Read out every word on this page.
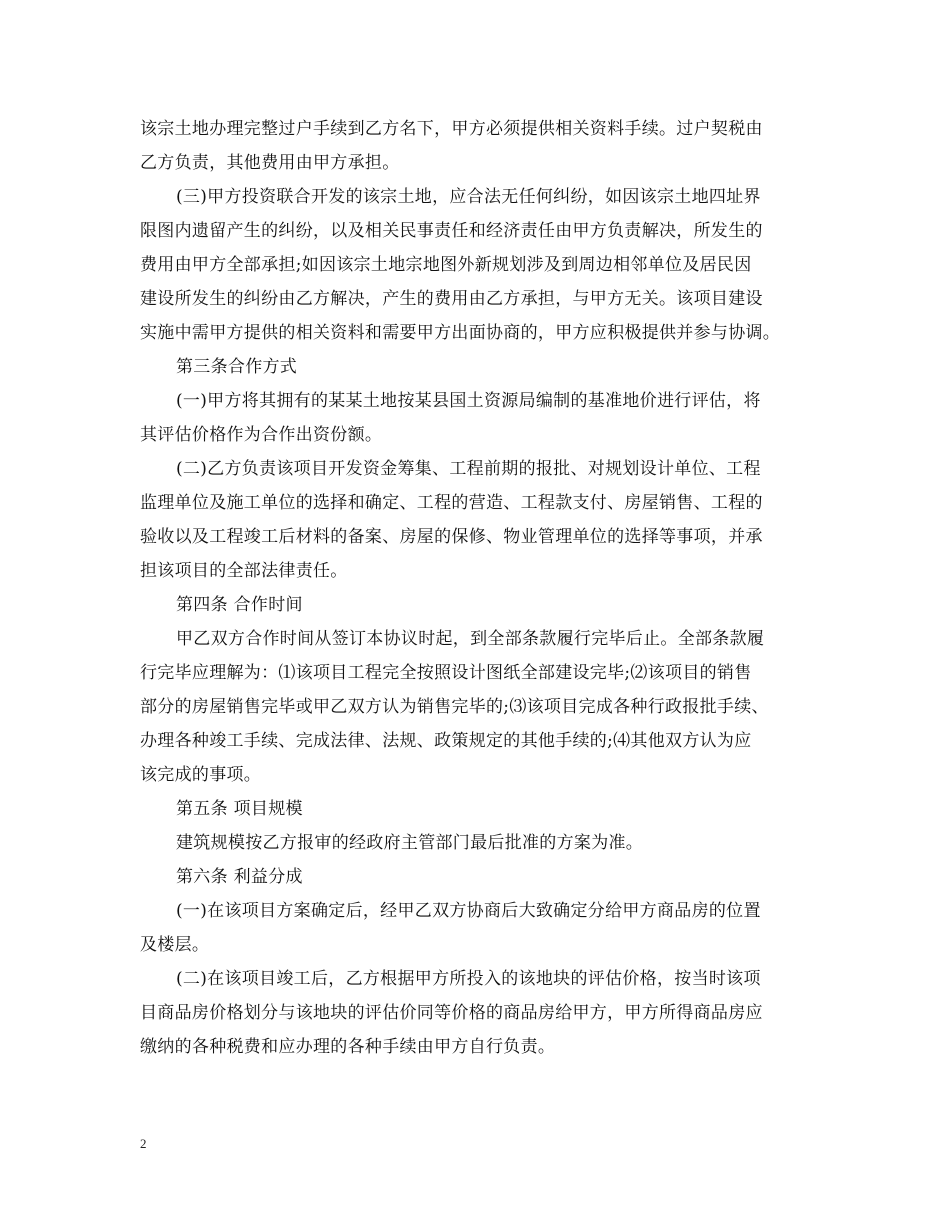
该宗土地办理完整过户手续到乙方名下，甲方必须提供相关资料手续。过户契税由
乙方负责，其他费用由甲方承担。
(三)甲方投资联合开发的该宗土地，应合法无任何纠纷，如因该宗土地四址界
限图内遗留产生的纠纷，以及相关民事责任和经济责任由甲方负责解决，所发生的
费用由甲方全部承担;如因该宗土地宗地图外新规划涉及到周边相邻单位及居民因
建设所发生的纠纷由乙方解决，产生的费用由乙方承担，与甲方无关。该项目建设
实施中需甲方提供的相关资料和需要甲方出面协商的，甲方应积极提供并参与协调。
第三条合作方式
(一)甲方将其拥有的某某土地按某县国土资源局编制的基准地价进行评估，将
其评估价格作为合作出资份额。
(二)乙方负责该项目开发资金筹集、工程前期的报批、对规划设计单位、工程
监理单位及施工单位的选择和确定、工程的营造、工程款支付、房屋销售、工程的
验收以及工程竣工后材料的备案、房屋的保修、物业管理单位的选择等事项，并承
担该项目的全部法律责任。
第四条 合作时间
甲乙双方合作时间从签订本协议时起，到全部条款履行完毕后止。全部条款履
行完毕应理解为：⑴该项目工程完全按照设计图纸全部建设完毕;⑵该项目的销售
部分的房屋销售完毕或甲乙双方认为销售完毕的;⑶该项目完成各种行政报批手续、
办理各种竣工手续、完成法律、法规、政策规定的其他手续的;⑷其他双方认为应
该完成的事项。
第五条 项目规模
建筑规模按乙方报审的经政府主管部门最后批准的方案为准。
第六条 利益分成
(一)在该项目方案确定后，经甲乙双方协商后大致确定分给甲方商品房的位置
及楼层。
(二)在该项目竣工后，乙方根据甲方所投入的该地块的评估价格，按当时该项
目商品房价格划分与该地块的评估价同等价格的商品房给甲方，甲方所得商品房应
缴纳的各种税费和应办理的各种手续由甲方自行负责。
2
